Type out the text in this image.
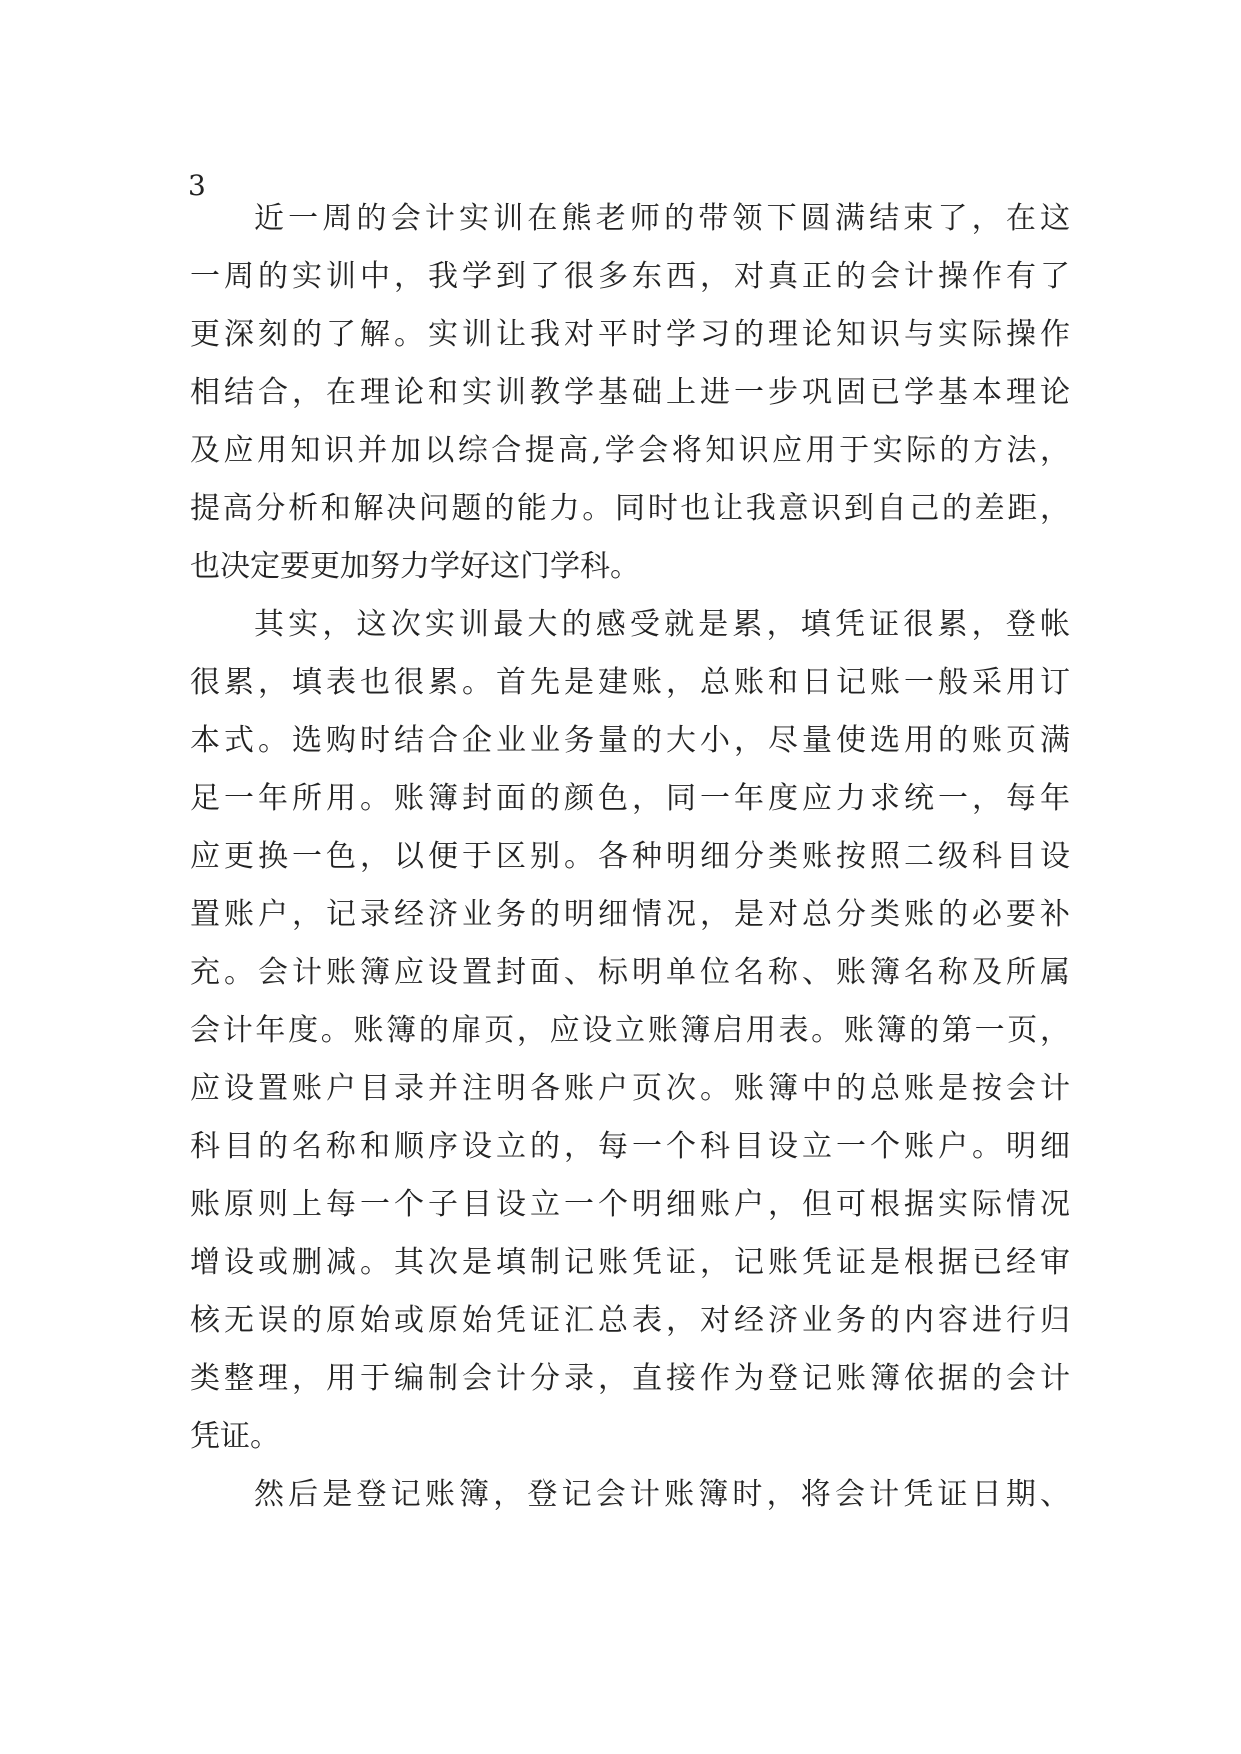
3

近一周的会计实训在熊老师的带领下圆满结束了，在这

一周的实训中，我学到了很多东西，对真正的会计操作有了

更深刻的了解。实训让我对平时学习的理论知识与实际操作

相结合，在理论和实训教学基础上进一步巩固已学基本理论

及应用知识并加以综合提高,学会将知识应用于实际的方法，

提高分析和解决问题的能力。同时也让我意识到自己的差距，

也决定要更加努力学好这门学科。

其实，这次实训最大的感受就是累，填凭证很累，登帐

很累，填表也很累。首先是建账，总账和日记账一般采用订

本式。选购时结合企业业务量的大小，尽量使选用的账页满

足一年所用。账簿封面的颜色，同一年度应力求统一，每年

应更换一色，以便于区别。各种明细分类账按照二级科目设

置账户，记录经济业务的明细情况，是对总分类账的必要补

充。会计账簿应设置封面、标明单位名称、账簿名称及所属

会计年度。账簿的扉页，应设立账簿启用表。账簿的第一页，

应设置账户目录并注明各账户页次。账簿中的总账是按会计

科目的名称和顺序设立的，每一个科目设立一个账户。明细

账原则上每一个子目设立一个明细账户，但可根据实际情况

增设或删减。其次是填制记账凭证，记账凭证是根据已经审

核无误的原始或原始凭证汇总表，对经济业务的内容进行归

类整理，用于编制会计分录，直接作为登记账簿依据的会计

凭证。

然后是登记账簿，登记会计账簿时，将会计凭证日期、
